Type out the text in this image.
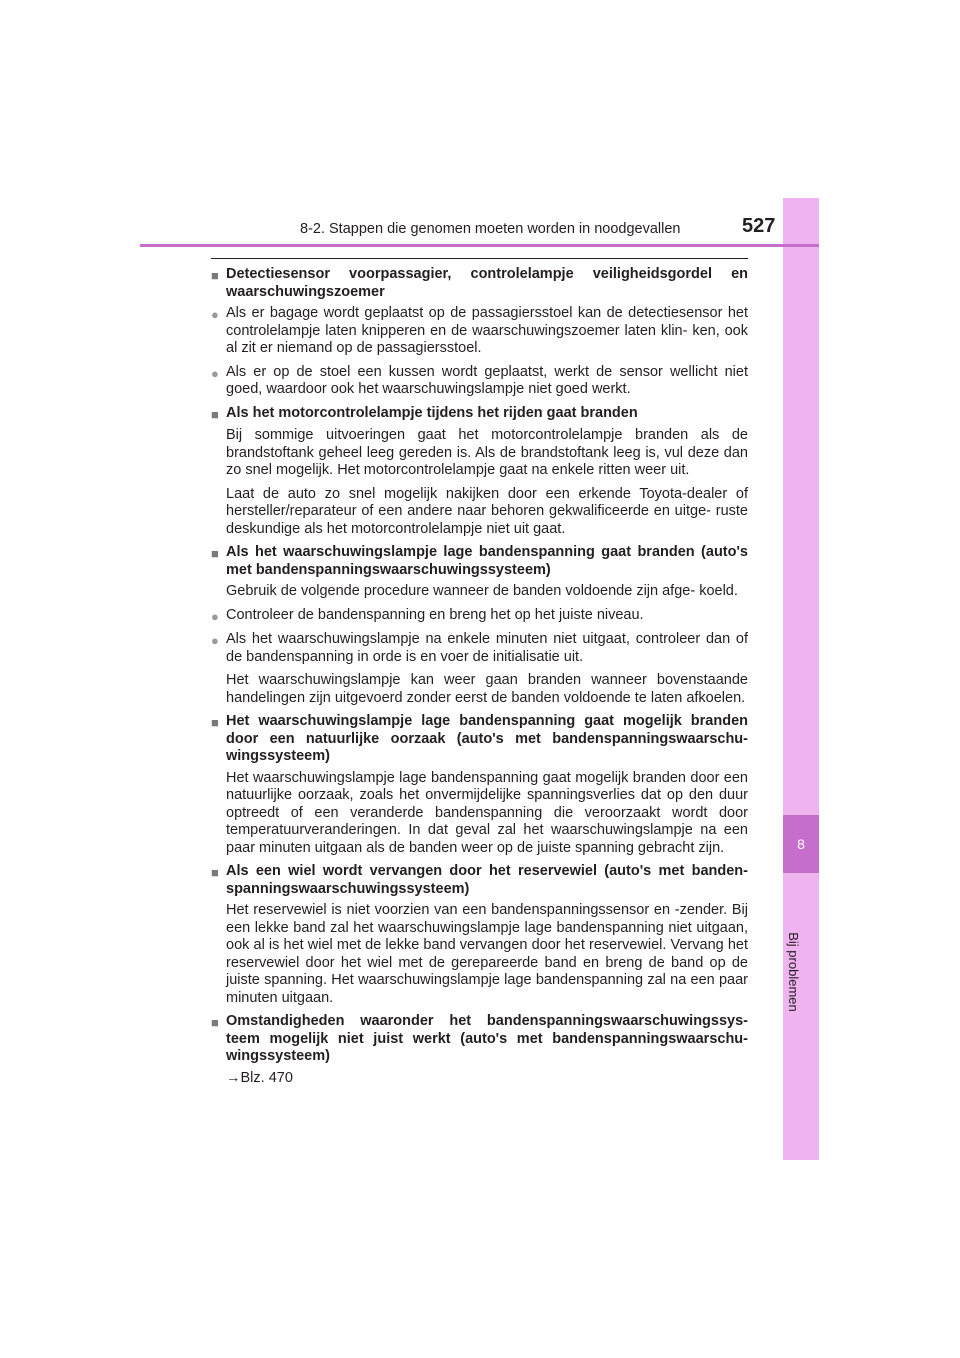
8
Bij problemen
8-2. Stappen die genomen moeten worden in noodgevallen	527
■ Detectiesensor voorpassagier, controlelampje veiligheidsgordel en waarschuwingszoemer
● Als er bagage wordt geplaatst op de passagiersstoel kan de detectiesensor het controlelampje laten knipperen en de waarschuwingszoemer laten klin- ken, ook al zit er niemand op de passagiersstoel.
● Als er op de stoel een kussen wordt geplaatst, werkt de sensor wellicht niet goed, waardoor ook het waarschuwingslampje niet goed werkt.
■ Als het motorcontrolelampje tijdens het rijden gaat branden
Bij sommige uitvoeringen gaat het motorcontrolelampje branden als de brandstoftank geheel leeg gereden is. Als de brandstoftank leeg is, vul deze dan zo snel mogelijk. Het motorcontrolelampje gaat na enkele ritten weer uit.
Laat de auto zo snel mogelijk nakijken door een erkende Toyota-dealer of hersteller/reparateur of een andere naar behoren gekwalificeerde en uitge- ruste deskundige als het motorcontrolelampje niet uit gaat.
■ Als het waarschuwingslampje lage bandenspanning gaat branden (auto's met bandenspanningswaarschuwingssysteem)
Gebruik de volgende procedure wanneer de banden voldoende zijn afge- koeld.
● Controleer de bandenspanning en breng het op het juiste niveau.
● Als het waarschuwingslampje na enkele minuten niet uitgaat, controleer dan of de bandenspanning in orde is en voer de initialisatie uit.
Het waarschuwingslampje kan weer gaan branden wanneer bovenstaande handelingen zijn uitgevoerd zonder eerst de banden voldoende te laten afkoelen.
■ Het waarschuwingslampje lage bandenspanning gaat mogelijk branden door een natuurlijke oorzaak (auto's met bandenspanningswaarschu- wingssysteem)
Het waarschuwingslampje lage bandenspanning gaat mogelijk branden door een natuurlijke oorzaak, zoals het onvermijdelijke spanningsverlies dat op den duur optreedt of een veranderde bandenspanning die veroorzaakt wordt door temperatuurveranderingen. In dat geval zal het waarschuwingslampje na een paar minuten uitgaan als de banden weer op de juiste spanning gebracht zijn.
■ Als een wiel wordt vervangen door het reservewiel (auto's met banden- spanningswaarschuwingssysteem)
Het reservewiel is niet voorzien van een bandenspanningssensor en -zender. Bij een lekke band zal het waarschuwingslampje lage bandenspanning niet uitgaan, ook al is het wiel met de lekke band vervangen door het reservewiel. Vervang het reservewiel door het wiel met de gerepareerde band en breng de band op de juiste spanning. Het waarschuwingslampje lage bandenspanning zal na een paar minuten uitgaan.
■ Omstandigheden waaronder het bandenspanningswaarschuwingssys- teem mogelijk niet juist werkt (auto's met bandenspanningswaarschu- wingssysteem)
→Blz. 470
